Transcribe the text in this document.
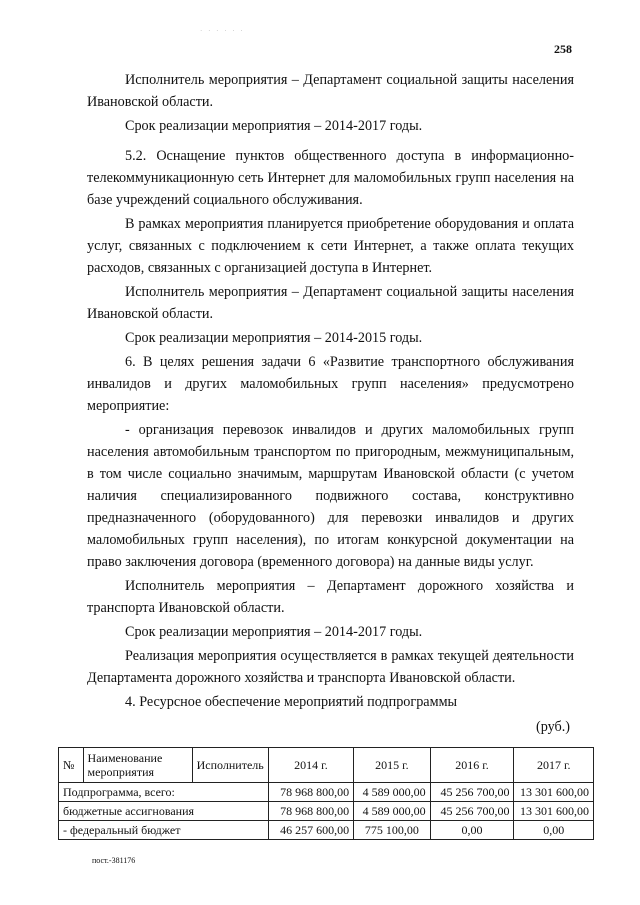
· · · · · ·
258

Исполнитель мероприятия – Департамент социальной защиты населения Ивановской области.

Срок реализации мероприятия – 2014-2017 годы.

5.2. Оснащение пунктов общественного доступа в информационно-телекоммуникационную сеть Интернет для маломобильных групп населения на базе учреждений социального обслуживания.

В рамках мероприятия планируется приобретение оборудования и оплата услуг, связанных с подключением к сети Интернет, а также оплата текущих расходов, связанных с организацией доступа в Интернет.

Исполнитель мероприятия – Департамент социальной защиты населения Ивановской области.

Срок реализации мероприятия – 2014-2015 годы.

6. В целях решения задачи 6 «Развитие транспортного обслуживания инвалидов и других маломобильных групп населения» предусмотрено мероприятие:

- организация перевозок инвалидов и других маломобильных групп населения автомобильным транспортом по пригородным, межмуниципальным, в том числе социально значимым, маршрутам Ивановской области (с учетом наличия специализированного подвижного состава, конструктивно предназначенного (оборудованного) для перевозки инвалидов и других маломобильных групп населения), по итогам конкурсной документации на право заключения договора (временного договора) на данные виды услуг.

Исполнитель мероприятия – Департамент дорожного хозяйства и транспорта Ивановской области.

Срок реализации мероприятия – 2014-2017 годы.

Реализация мероприятия осуществляется в рамках текущей деятельности Департамента дорожного хозяйства и транспорта Ивановской области.

4. Ресурсное обеспечение мероприятий подпрограммы
(руб.)
№	Наименование мероприятия	Исполнитель	2014 г.	2015 г.	2016 г.	2017 г.
Подпрограмма, всего:			78 968 800,00	4 589 000,00	45 256 700,00	13 301 600,00
бюджетные ассигнования			78 968 800,00	4 589 000,00	45 256 700,00	13 301 600,00
- федеральный бюджет			46 257 600,00	775 100,00	0,00	0,00
пост.-381176
